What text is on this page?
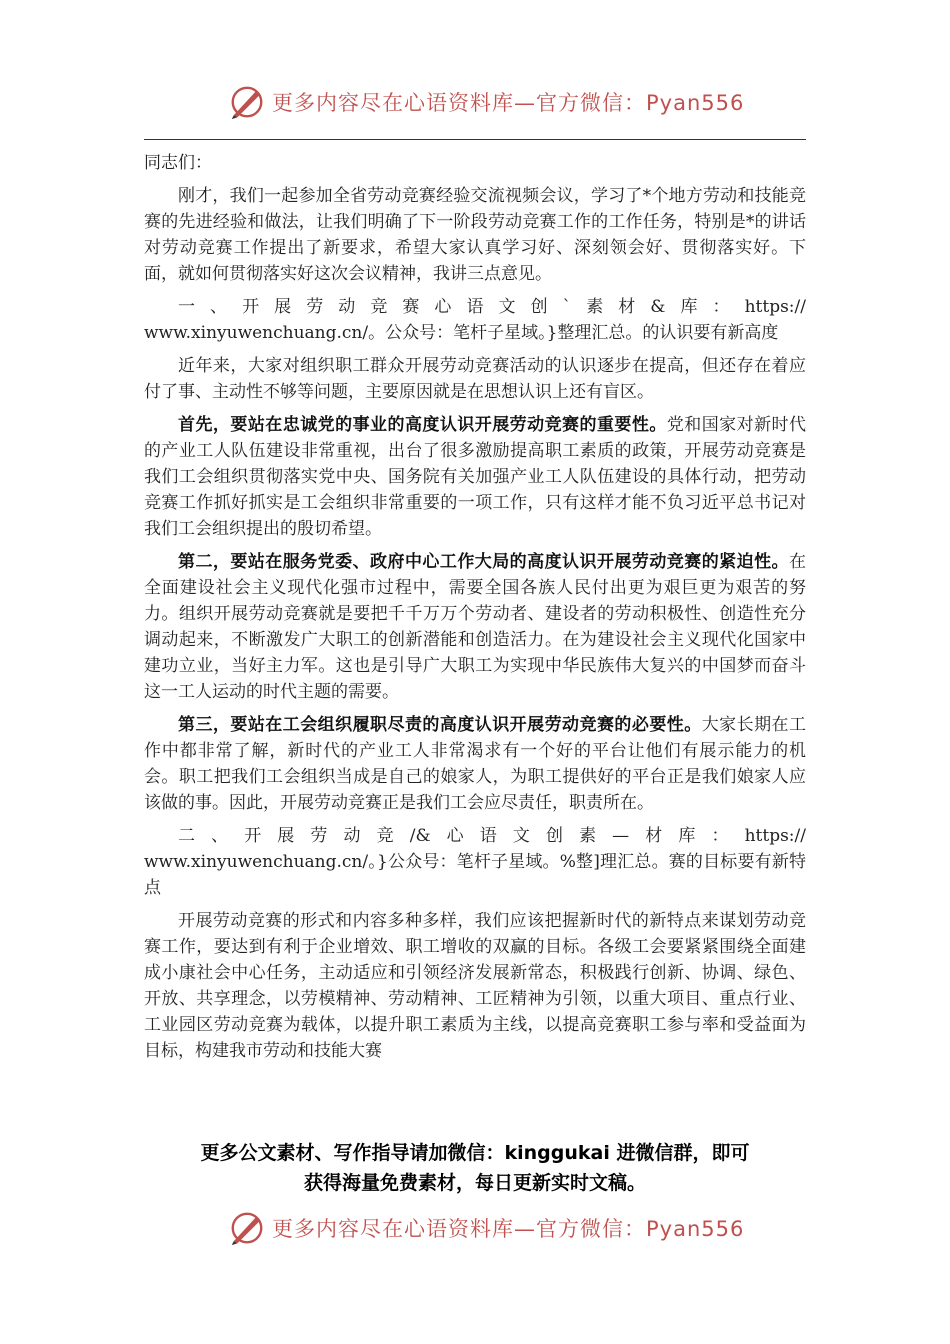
更多内容尽在心语资料库—官方微信：Pyan556

同志们：

刚才，我们一起参加全省劳动竞赛经验交流视频会议，学习了*个地方劳动和技能竞赛的先进经验和做法，让我们明确了下一阶段劳动竞赛工作的工作任务，特别是*的讲话对劳动竞赛工作提出了新要求，希望大家认真学习好、深刻领会好、贯彻落实好。下面，就如何贯彻落实好这次会议精神，我讲三点意见。

一、开展劳动竞赛心语文创`素材&库：https://

www.xinyuwenchuang.cn/。公众号：笔杆子星域。}整理汇总。的认识要有新高度

近年来，大家对组织职工群众开展劳动竞赛活动的认识逐步在提高，但还存在着应付了事、主动性不够等问题，主要原因就是在思想认识上还有盲区。

首先，要站在忠诚党的事业的高度认识开展劳动竞赛的重要性。党和国家对新时代的产业工人队伍建设非常重视，出台了很多激励提高职工素质的政策，开展劳动竞赛是我们工会组织贯彻落实党中央、国务院有关加强产业工人队伍建设的具体行动，把劳动竞赛工作抓好抓实是工会组织非常重要的一项工作，只有这样才能不负习近平总书记对我们工会组织提出的殷切希望。

第二，要站在服务党委、政府中心工作大局的高度认识开展劳动竞赛的紧迫性。在全面建设社会主义现代化强市过程中，需要全国各族人民付出更为艰巨更为艰苦的努力。组织开展劳动竞赛就是要把千千万万个劳动者、建设者的劳动积极性、创造性充分调动起来，不断激发广大职工的创新潜能和创造活力。在为建设社会主义现代化国家中建功立业，当好主力军。这也是引导广大职工为实现中华民族伟大复兴的中国梦而奋斗这一工人运动的时代主题的需要。

第三，要站在工会组织履职尽责的高度认识开展劳动竞赛的必要性。大家长期在工作中都非常了解，新时代的产业工人非常渴求有一个好的平台让他们有展示能力的机会。职工把我们工会组织当成是自己的娘家人，为职工提供好的平台正是我们娘家人应该做的事。因此，开展劳动竞赛正是我们工会应尽责任，职责所在。

二、开展劳动竞/&心语文创素—材库：https://

www.xinyuwenchuang.cn/。}公众号：笔杆子星域。%整]理汇总。赛的目标要有新特点

开展劳动竞赛的形式和内容多种多样，我们应该把握新时代的新特点来谋划劳动竞赛工作，要达到有利于企业增效、职工增收的双赢的目标。各级工会要紧紧围绕全面建成小康社会中心任务，主动适应和引领经济发展新常态，积极践行创新、协调、绿色、开放、共享理念，以劳模精神、劳动精神、工匠精神为引领，以重大项目、重点行业、工业园区劳动竞赛为载体，以提升职工素质为主线，以提高竞赛职工参与率和受益面为目标，构建我市劳动和技能大赛

更多公文素材、写作指导请加微信：kinggukai 进微信群，即可
获得海量免费素材，每日更新实时文稿。
更多内容尽在心语资料库—官方微信：Pyan556
